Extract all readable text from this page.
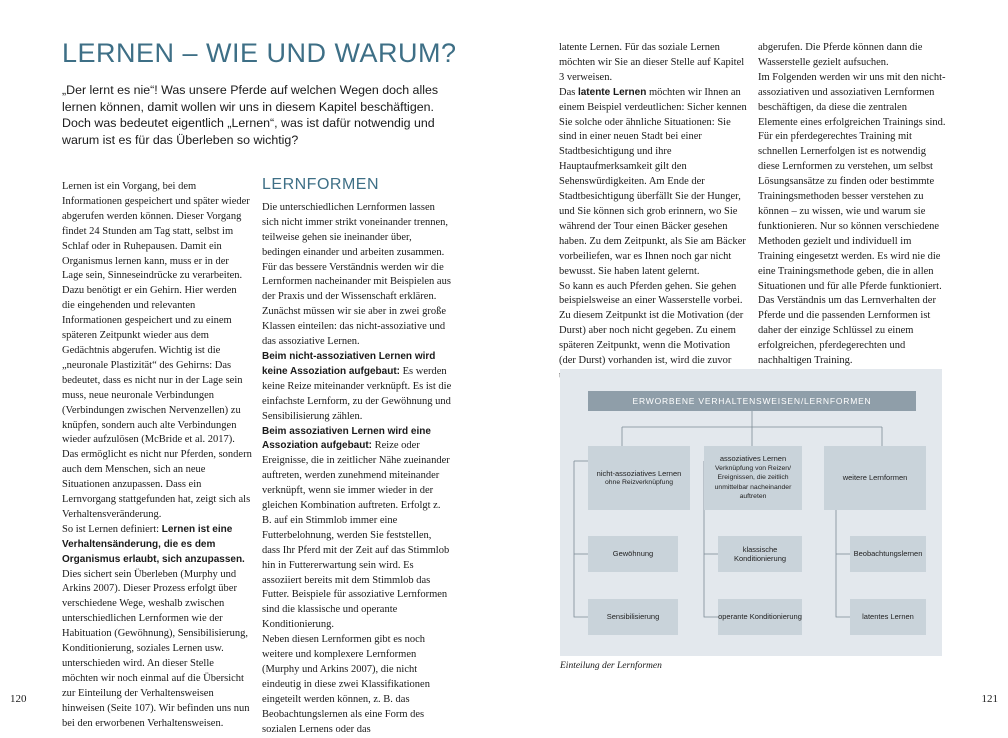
LERNEN – WIE UND WARUM?

„Der lernt es nie“! Was unsere Pferde auf welchen Wegen doch alles lernen können, damit wollen wir uns in diesem Kapitel beschäftigen. Doch was bedeutet eigentlich „Lernen“, was ist dafür notwendig und warum ist es für das Überleben so wichtig?

Lernen ist ein Vorgang, bei dem Informationen gespeichert und später wieder abgerufen werden können. Dieser Vorgang findet 24 Stunden am Tag statt, selbst im Schlaf oder in Ruhepausen. Damit ein Organismus lernen kann, muss er in der Lage sein, Sinneseindrücke zu verarbeiten. Dazu benötigt er ein Gehirn. Hier werden die eingehenden und relevanten Informationen gespeichert und zu einem späteren Zeitpunkt wieder aus dem Gedächtnis abgerufen. Wichtig ist die „neuronale Plastizität“ des Gehirns: Das bedeutet, dass es nicht nur in der Lage sein muss, neue neuronale Verbindungen (Verbindungen zwischen Nervenzellen) zu knüpfen, sondern auch alte Verbindungen wieder aufzulösen (McBride et al. 2017).

Das ermöglicht es nicht nur Pferden, sondern auch dem Menschen, sich an neue Situationen anzupassen. Dass ein Lernvorgang stattgefunden hat, zeigt sich als Verhaltensveränderung.

So ist Lernen definiert: Lernen ist eine Verhaltensänderung, die es dem Organismus erlaubt, sich anzupassen. Dies sichert sein Überleben (Murphy und Arkins 2007). Dieser Prozess erfolgt über verschiedene Wege, weshalb zwischen unterschiedlichen Lernformen wie der Habituation (Gewöhnung), Sensibilisierung, Konditionierung, soziales Lernen usw. unterschieden wird. An dieser Stelle möchten wir noch einmal auf die Übersicht zur Einteilung der Verhaltensweisen hinweisen (Seite 107). Wir befinden uns nun bei den erworbenen Verhaltensweisen.

LERNFORMEN

Die unterschiedlichen Lernformen lassen sich nicht immer strikt voneinander trennen, teilweise gehen sie ineinander über, bedingen einander und arbeiten zusammen. Für das bessere Verständnis werden wir die Lernformen nacheinander mit Beispielen aus der Praxis und der Wissenschaft erklären. Zunächst müssen wir sie aber in zwei große Klassen einteilen: das nicht-assoziative und das assoziative Lernen.

Beim nicht-assoziativen Lernen wird keine Assoziation aufgebaut: Es werden keine Reize miteinander verknüpft. Es ist die einfachste Lernform, zu der Gewöhnung und Sensibilisierung zählen.

Beim assoziativen Lernen wird eine Assoziation aufgebaut: Reize oder Ereignisse, die in zeitlicher Nähe zueinander auftreten, werden zunehmend miteinander verknüpft, wenn sie immer wieder in der gleichen Kombination auftreten. Erfolgt z. B. auf ein Stimmlob immer eine Futterbelohnung, werden Sie feststellen, dass Ihr Pferd mit der Zeit auf das Stimmlob hin in Futtererwartung sein wird. Es assoziiert bereits mit dem Stimmlob das Futter. Beispiele für assoziative Lernformen sind die klassische und operante Konditionierung.

Neben diesen Lernformen gibt es noch weitere und komplexere Lernformen (Murphy und Arkins 2007), die nicht eindeutig in diese zwei Klassifikationen eingeteilt werden können, z. B. das Beobachtungslernen als eine Form des sozialen Lernens oder das

120

latente Lernen. Für das soziale Lernen möchten wir Sie an dieser Stelle auf Kapitel 3 verweisen.

Das latente Lernen möchten wir Ihnen an einem Beispiel verdeutlichen: Sicher kennen Sie solche oder ähnliche Situationen: Sie sind in einer neuen Stadt bei einer Stadtbesichtigung und ihre Hauptaufmerksamkeit gilt den Sehenswürdigkeiten. Am Ende der Stadtbesichtigung überfällt Sie der Hunger, und Sie können sich grob erinnern, wo Sie während der Tour einen Bäcker gesehen haben. Zu dem Zeitpunkt, als Sie am Bäcker vorbeiliefen, war es Ihnen noch gar nicht bewusst. Sie haben latent gelernt.

So kann es auch Pferden gehen. Sie gehen beispielsweise an einer Wasserstelle vorbei. Zu diesem Zeitpunkt ist die Motivation (der Durst) aber noch nicht gegeben. Zu einem späteren Zeitpunkt, wenn die Motivation (der Durst) vorhanden ist, wird die zuvor

abgerufen. Die Pferde können dann die Wasserstelle gezielt aufsuchen.

Im Folgenden werden wir uns mit den nicht-assoziativen und assoziativen Lernformen beschäftigen, da diese die zentralen Elemente eines erfolgreichen Trainings sind. Für ein pferdegerechtes Training mit schnellen Lernerfolgen ist es notwendig diese Lernformen zu verstehen, um selbst Lösungsansätze zu finden oder bestimmte Trainingsmethoden besser verstehen zu können – zu wissen, wie und warum sie funktionieren. Nur so können verschiedene Methoden gezielt und individuell im Training eingesetzt werden. Es wird nie die eine Trainingsmethode geben, die in allen Situationen und für alle Pferde funktioniert. Das Verständnis um das Lernverhalten der Pferde und die passenden Lernformen ist daher der einzige Schlüssel zu einem erfolgreichen, pferdegerechten und nachhaltigen Training.

ERWORBENE VERHALTENSWEISEN/LERNFORMEN
nicht-assoziatives Lernen
ohne Reizverknüpfung
assoziatives Lernen
Verknüpfung von Reizen/ Ereignissen, die zeitlich unmittelbar nacheinander auftreten
weitere Lernformen
Gewöhnung
klassische Konditionierung
Beobachtungslernen
Sensibilisierung	operante Konditionierung	latentes Lernen
Einteilung der Lernformen
121
